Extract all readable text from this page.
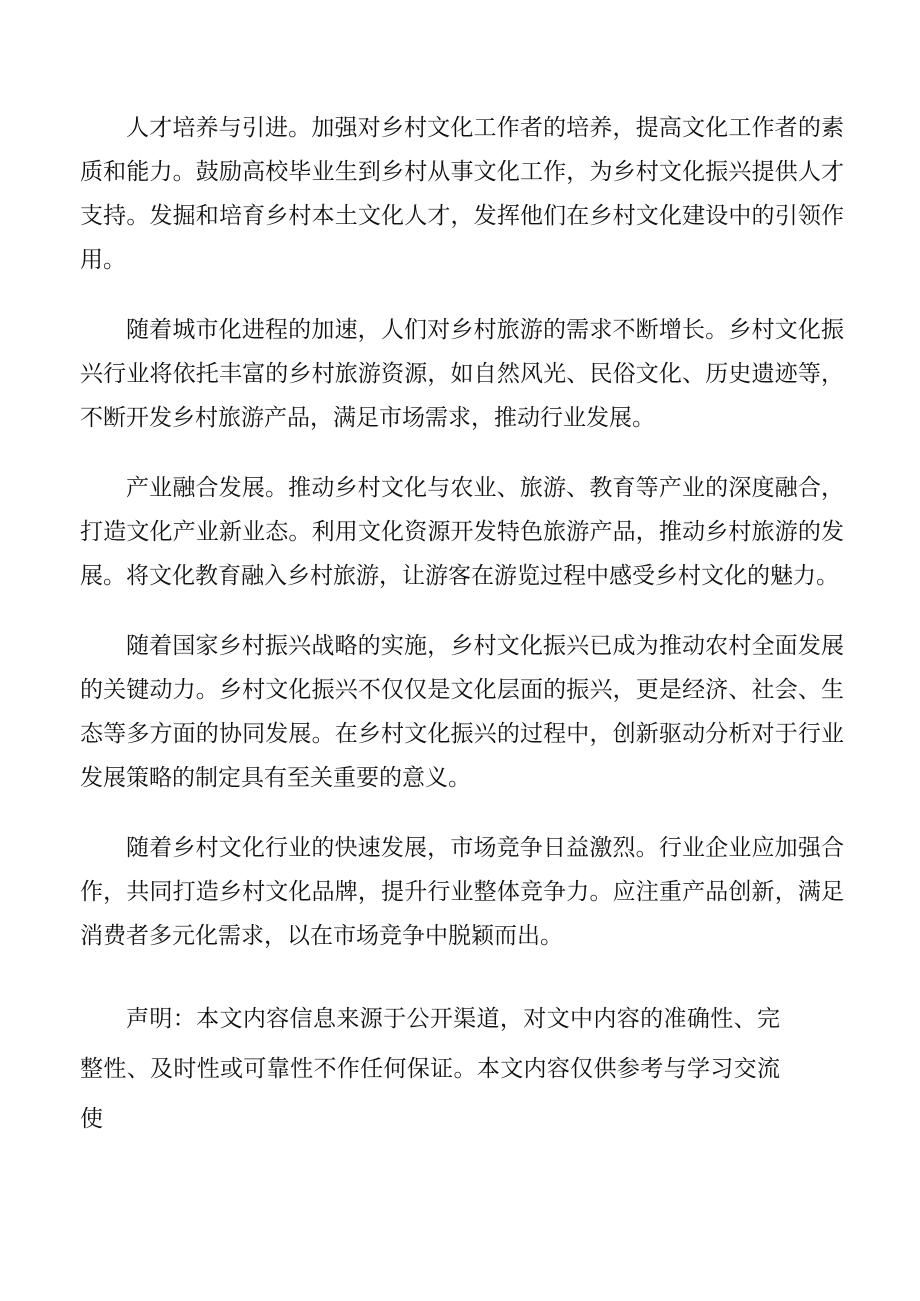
人才培养与引进。加强对乡村文化工作者的培养，提高文化工作者的素质和能力。鼓励高校毕业生到乡村从事文化工作，为乡村文化振兴提供人才支持。发掘和培育乡村本土文化人才，发挥他们在乡村文化建设中的引领作用。

随着城市化进程的加速，人们对乡村旅游的需求不断增长。乡村文化振兴行业将依托丰富的乡村旅游资源，如自然风光、民俗文化、历史遗迹等，不断开发乡村旅游产品，满足市场需求，推动行业发展。

产业融合发展。推动乡村文化与农业、旅游、教育等产业的深度融合，打造文化产业新业态。利用文化资源开发特色旅游产品，推动乡村旅游的发展。将文化教育融入乡村旅游，让游客在游览过程中感受乡村文化的魅力。

随着国家乡村振兴战略的实施，乡村文化振兴已成为推动农村全面发展的关键动力。乡村文化振兴不仅仅是文化层面的振兴，更是经济、社会、生态等多方面的协同发展。在乡村文化振兴的过程中，创新驱动分析对于行业发展策略的制定具有至关重要的意义。

随着乡村文化行业的快速发展，市场竞争日益激烈。行业企业应加强合作，共同打造乡村文化品牌，提升行业整体竞争力。应注重产品创新，满足消费者多元化需求，以在市场竞争中脱颖而出。

声明：本文内容信息来源于公开渠道，对文中内容的准确性、完整性、及时性或可靠性不作任何保证。本文内容仅供参考与学习交流使
